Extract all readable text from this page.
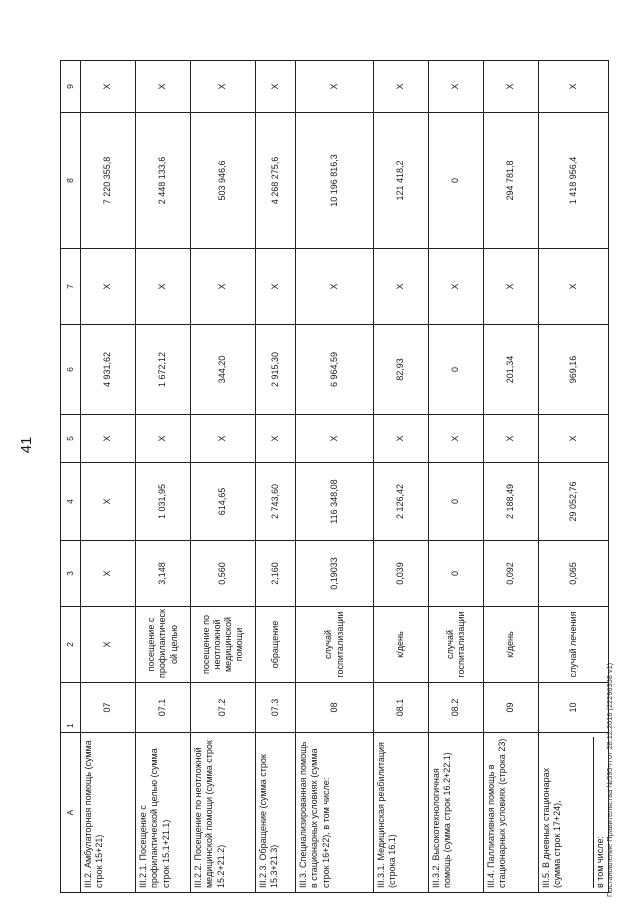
41
A	1	2	3	4	5	6	7	8	9
III.2. Амбулаторная помощь (сумма строк 15+21)	07	Х	Х	Х	Х	4 931,62	Х	7 220 355,8	Х
III.2.1. Посещение с профилактической целью (сумма строк 15.1+21.1)	07.1	посещение с профилактическ ой целью	3,148	1 031,95	Х	1 672,12	Х	2 448 133,6	Х
III.2.2. Посещение по неотложной медицинской помощи (сумма строк 15.2+21.2)	07.2	посещение по неотложной медицинской помощи	0,560	614,65	Х	344,20	Х	503 946,6	Х
III.2.3. Обращение (сумма строк 15.3+21.3)	07.3	обращение	2,160	2 743,60	Х	2 915,30	Х	4 268 275,6	Х
III.3. Специализированная помощь в стационарных условиях (сумма строк 16+22), в том числе:	08	случай госпитализации	0,19033	116 348,08	Х	6 964,59	Х	10 196 816,3	Х
III.3.1. Медицинская реабилитация (строка 16.1)	08.1	к/день	0,039	2 126,42	Х	82,93	Х	121 418,2	Х
III.3.2. Высокотехнологичная помощь (сумма строк 16.2+22.1)	08.2	случай госпитализации	0	0	Х	0	Х	0	Х
III.4. Паллиативная помощь в стационарных условиях (строка 23)	09	к/день	0,092	2 188,49	Х	201,34	Х	294 781,8	Х
III.5. В дневных стационарах (сумма строк 17+24), в том числе:	10	случай лечения	0,065	29 052,76	Х	969,16	Х	1 418 956,4	Х
Постановление Правительства №595-п от 28.12.2016 (22296358 v1)
